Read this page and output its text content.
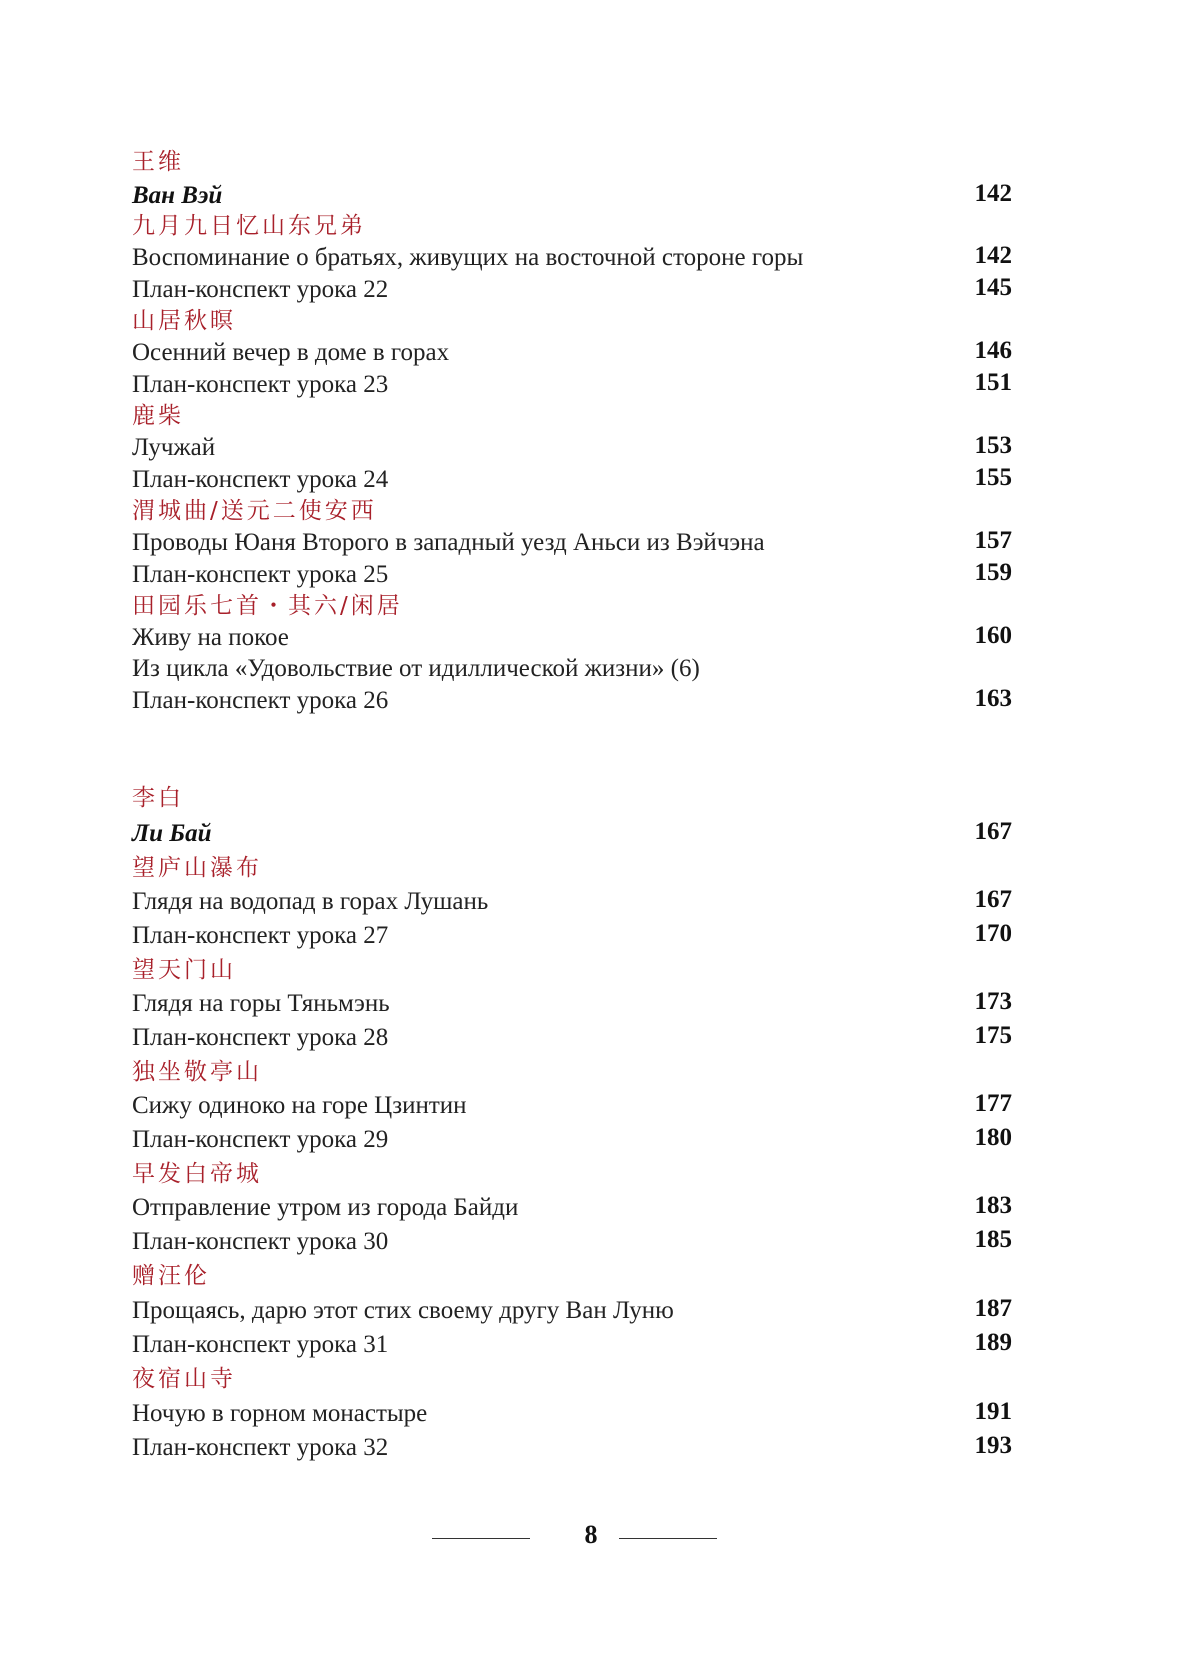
王维
Ван Вэй	142
九月九日忆山东兄弟
Воспоминание о братьях, живущих на восточной стороне горы	142
План-конспект урока 22	145
山居秋暝
Осенний вечер в доме в горах	146
План-конспект урока 23	151
鹿柴
Лучжай	153
План-конспект урока 24	155
渭城曲/送元二使安西
Проводы Юаня Второго в западный уезд Аньси из Вэйчэна	157
План-конспект урока 25	159
田园乐七首・其六/闲居
Живу на покое	160
Из цикла «Удовольствие от идиллической жизни» (6)
План-конспект урока 26	163
李白
Ли Бай	167
望庐山瀑布
Глядя на водопад в горах Лушань	167
План-конспект урока 27	170
望天门山
Глядя на горы Тяньмэнь	173
План-конспект урока 28	175
独坐敬亭山
Сижу одиноко на горе Цзинтин	177
План-конспект урока 29	180
早发白帝城
Отправление утром из города Байди	183
План-конспект урока 30	185
赠汪伦
Прощаясь, дарю этот стих своему другу Ван Луню	187
План-конспект урока 31	189
夜宿山寺
Ночую в горном монастыре	191
План-конспект урока 32	193
8
